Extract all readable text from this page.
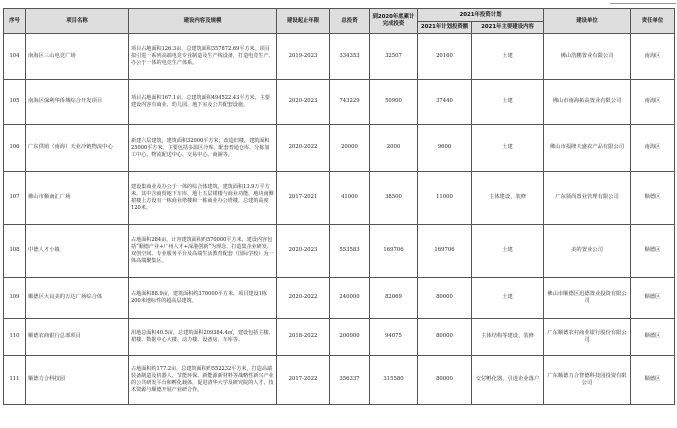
序号	项目名称	建设内容及规模	建设起止年限	总投资	到2020年底累计完成投资	2021年投资计划		建设单位	责任单位
						2021年计划投资额	2021年主要建设内容		
104	南海区三山电竞广场	项目占地面积126.3亩，总建筑面积357872.69平方米。项目拟引进一系列高端电竞专业制造及生产线设备，打造电竞生产、办公于一体的电竞生产体系。	2019-2023	334353	32507	20160	土建	佛山浩鹏置业有限公司	南海区
105	南海区保利华侨城综合开发项目	项目占地面积167.1亩，总建筑面积494522.43平方米，主要建设内容有商业、幼儿园、地下室及公共配套设施。	2020-2023	743229	50900	37440	土建	佛山市南海拓高置业有限公司	南海区
106	广东供销（南海）天业冷链物流中心	新建六层建筑，建筑面积32000平方米；改造旧楼，建筑面积25000平方米。主要包括多温区冷库、配套普通仓库、分拣加工中心、物流配送中心、交易中心、商铺等。	2020-2022	20000	2000	9600	土建	佛山市福隆天盛农产品有限公司	南海区
107	佛山市顺南汇广场	建设集商业及办公于一体的综合体建筑，建筑面积13.9万平方米，其中含商贸地下车库、地上五层裙楼与商业功能，地块南侧裙楼上方设有一栋商业塔楼和一栋商业办公塔楼，总建筑高度120米。	2017-2021	41000	38500	11000	主体建设、装修	广东领尚置业管理有限公司	顺德区
108	中德人才小镇	占地面积284亩，计容建筑面积约570000平方米，建设内容包括“顺德产业+广州人才+深港创新”为理念，打造集企业研发、双创空间、专业服务平台及高端生活教育配套（国际学校）为一体高端聚集区。	2020-2023	553583	169706	169706	土建	美的置业公司	顺德区
109	顺德区大良美的万达广场综合体	占地面积88.9亩，建筑面积约370000平方米，项目建设1栋200米地标性的超高层建筑。	2020-2022	240000	82069	80000	土建	佛山市顺德区迅德置业投资有限公司	顺德区
110	顺德农商银行总部项目	用地总面积40.5亩，总建筑面积209384.4㎡，建设包括主楼、裙楼、数据中心大楼、动力楼、设备房、车库等。	2018-2022	200000	94075	80000	主体结构等建设、装修	广东顺德农村商业银行股份有限公司	顺德区
111	顺德力合科技园	占地面积约177.2亩，总建筑面积约552232平方米，打造高端装备制造及机器人、节能环保、新能源新材料等战略性新兴产业的公共研发平台和孵化载体，促进清华大学及研究院的人才、技术资源与顺德开展产业研合作。	2017-2022	356337	315580	80000	交付孵化器，引进企业落户	广东顺德力合智德科技园投资有限公司	顺德区
